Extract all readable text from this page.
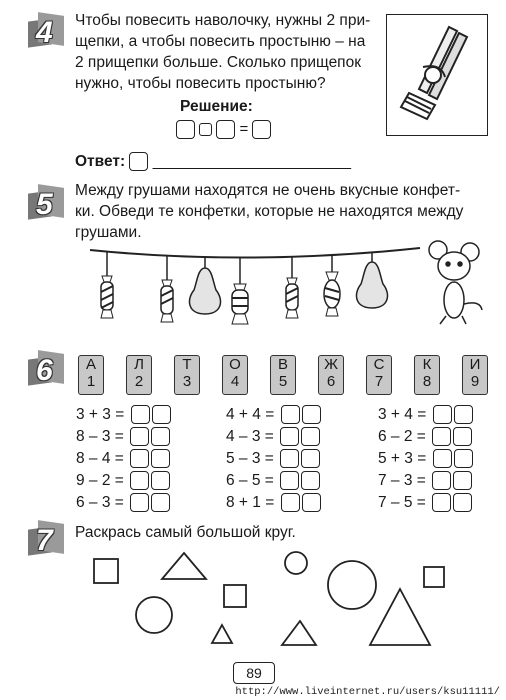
4 Чтобы повесить наволочку, нужны 2 при-
щепки, а чтобы повесить простыню – на
2 прищепки больше. Сколько прищепок
нужно, чтобы повесить простыню?
Решение:
=
Ответ: _______________________
5 Между грушами находятся не очень вкусные конфет-
ки. Обведи те конфетки, которые не находятся между
грушами.
6	А
1
Л
2
Т
3
О
4
В
5
Ж
6
С
7
К
8
И
9
3 + 3 =
8 – 3 =
8 – 4 =
9 – 2 =
6 – 3 =
4 + 4 =
4 – 3 =
5 – 3 =
6 – 5 =
8 + 1 =
3 + 4 =
6 – 2 =
5 + 3 =
7 – 3 =
7 – 5 =
7 Раскрась самый большой круг.
89
http://www.liveinternet.ru/users/ksu11111/
